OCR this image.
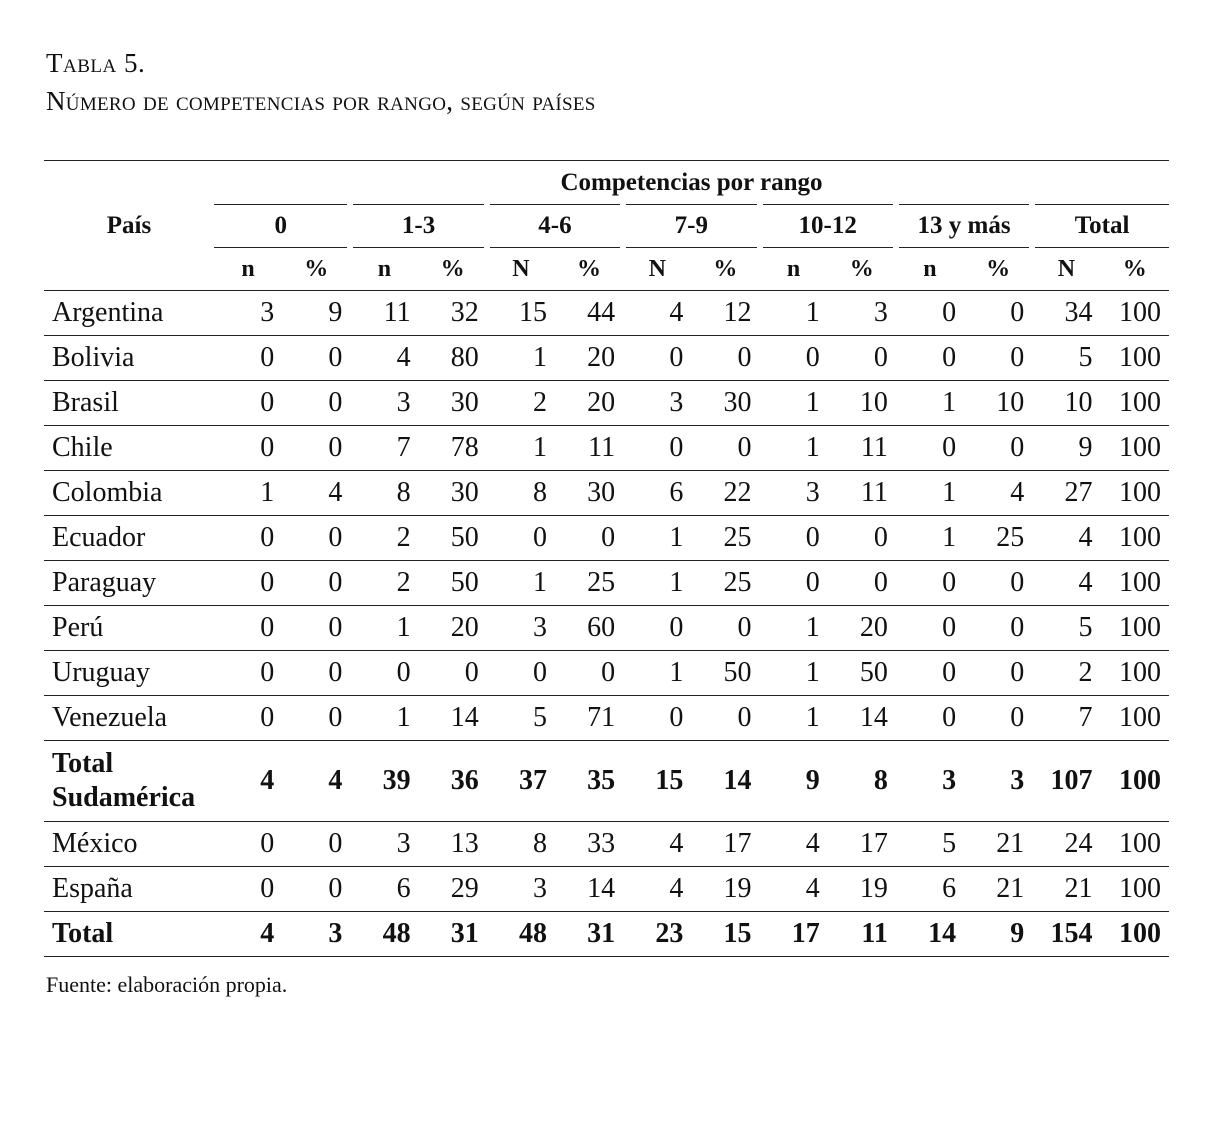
Tabla 5.
Número de competencias por rango, según países
País	Competencias por rango													
	0		1-3		4-6		7-9		10-12		13 y más		Total	
	n	%	n	%	N	%	N	%	n	%	n	%	N	%
Argentina	3	9	11	32	15	44	4	12	1	3	0	0	34	100
Bolivia	0	0	4	80	1	20	0	0	0	0	0	0	5	100
Brasil	0	0	3	30	2	20	3	30	1	10	1	10	10	100
Chile	0	0	7	78	1	11	0	0	1	11	0	0	9	100
Colombia	1	4	8	30	8	30	6	22	3	11	1	4	27	100
Ecuador	0	0	2	50	0	0	1	25	0	0	1	25	4	100
Paraguay	0	0	2	50	1	25	1	25	0	0	0	0	4	100
Perú	0	0	1	20	3	60	0	0	1	20	0	0	5	100
Uruguay	0	0	0	0	0	0	1	50	1	50	0	0	2	100
Venezuela	0	0	1	14	5	71	0	0	1	14	0	0	7	100
Total Sudamérica	4	4	39	36	37	35	15	14	9	8	3	3	107	100
México	0	0	3	13	8	33	4	17	4	17	5	21	24	100
España	0	0	6	29	3	14	4	19	4	19	6	21	21	100
Total	4	3	48	31	48	31	23	15	17	11	14	9	154	100
Fuente: elaboración propia.
